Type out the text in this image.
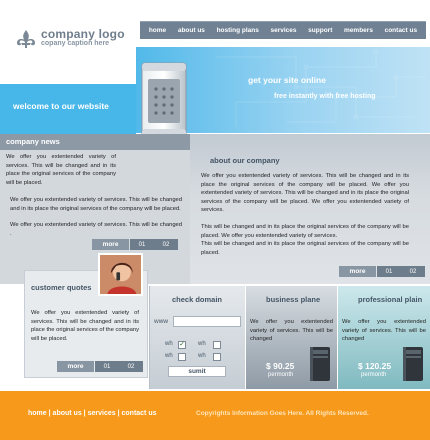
company logo
copany caption here
home about us hosting plans services support members contact us
welcome to our website
get your site online
free instantly with free hosting
company news
We offer you extentended variety of services. This will be changed and in its place the original services of the company will be placed.
We offer you extentended variety of services. This will be changed and in its place the original services of the company will be placed.
We offer you extentended variety of services. This will be changed .
more	01	02
about our company

We offer you extentended variety of services. This will be changed and in its place the original services of the company will be placed. We offer you extentended variety of services. This will be changed and in its place the original services of the company will be placed. We offer you extentended variety of services.

This will be changed and in its place the original services of the company will be placed. We offer you extentended variety of services.

This will be changed and in its place the original services of the company will be placed.

more	01	02
customer quotes
We offer you extentended variety of services. This will be changed and in its place the original services of the company will be placed.
more	01	02
check domain
www
wh ✓ wh
wh	wh
sumit
business plane
We offer you extentended variety of services. This will be changed
$ 90.25
permonth
professional plain
We offer you extentended variety of services. This will be changed
$ 120.25
permonth
home | about us | services | contact us	Copyrights Information Goes Here. All Rights Reserved.
